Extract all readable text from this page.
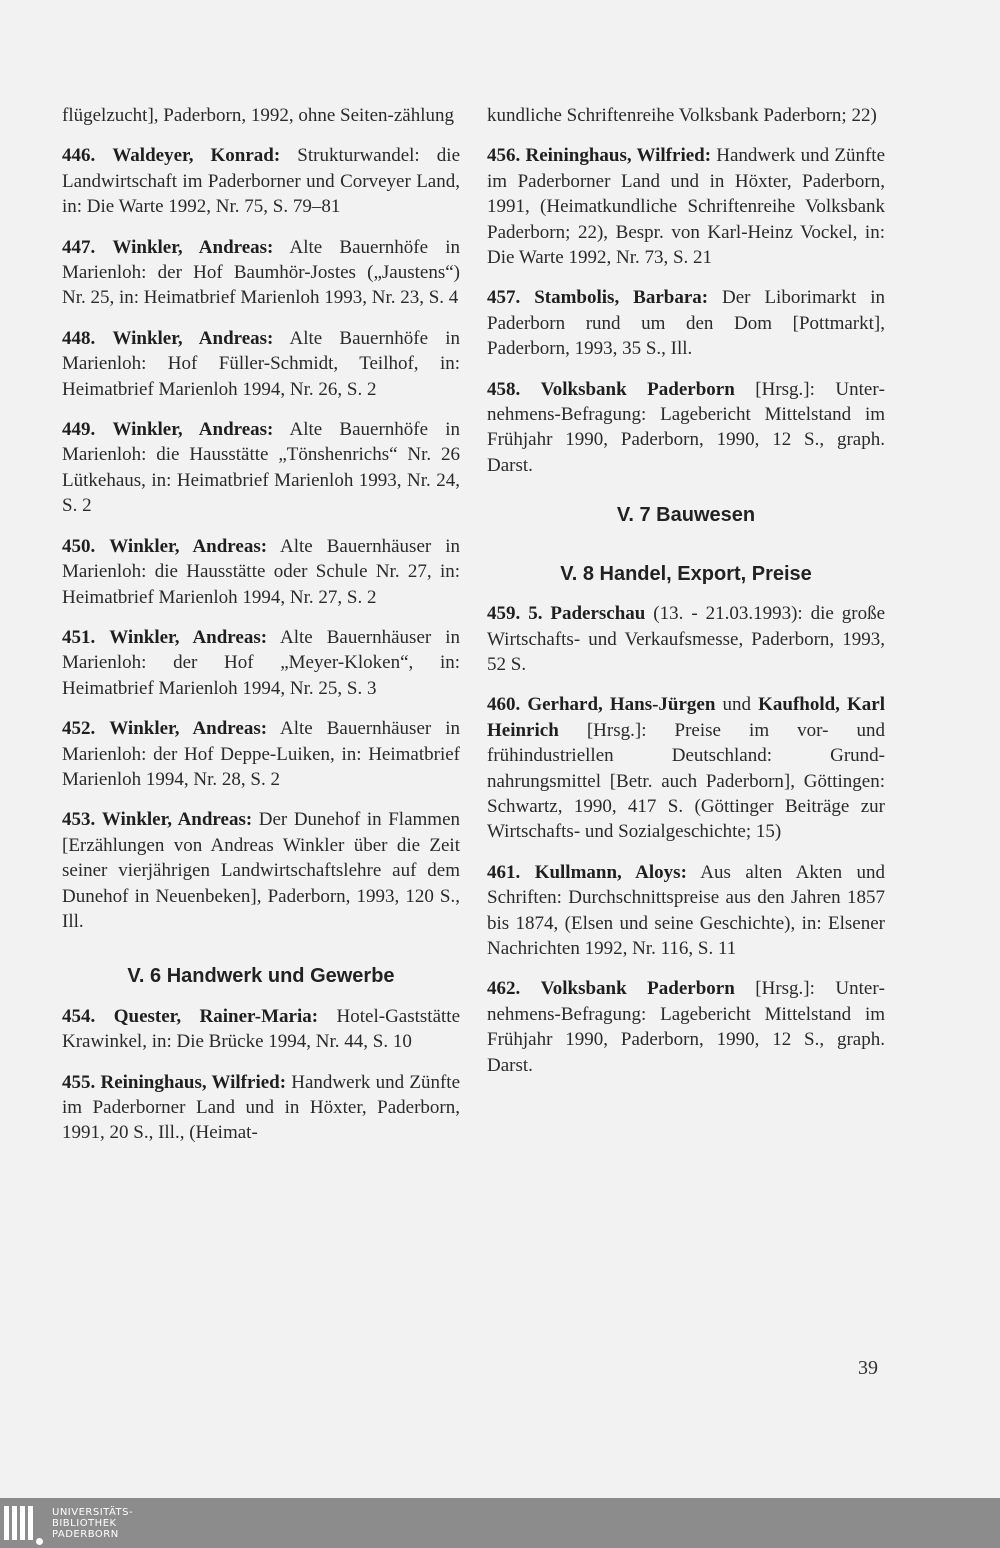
flügelzucht], Paderborn, 1992, ohne Seiten-zählung

446. Waldeyer, Konrad: Strukturwandel: die Landwirtschaft im Paderborner und Corveyer Land, in: Die Warte 1992, Nr. 75, S. 79–81

447. Winkler, Andreas: Alte Bauernhöfe in Marienloh: der Hof Baumhör-Jostes („Jaustens“) Nr. 25, in: Heimatbrief Marienloh 1993, Nr. 23, S. 4

448. Winkler, Andreas: Alte Bauernhöfe in Marienloh: Hof Füller-Schmidt, Teilhof, in: Heimatbrief Marienloh 1994, Nr. 26, S. 2

449. Winkler, Andreas: Alte Bauernhöfe in Marienloh: die Hausstätte „Tönshenrichs“ Nr. 26 Lütkehaus, in: Heimatbrief Marienloh 1993, Nr. 24, S. 2

450. Winkler, Andreas: Alte Bauernhäuser in Marienloh: die Hausstätte oder Schule Nr. 27, in: Heimatbrief Marienloh 1994, Nr. 27, S. 2

451. Winkler, Andreas: Alte Bauernhäuser in Marienloh: der Hof „Meyer-Kloken“, in: Heimatbrief Marienloh 1994, Nr. 25, S. 3

452. Winkler, Andreas: Alte Bauernhäuser in Marienloh: der Hof Deppe-Luiken, in: Heimatbrief Marienloh 1994, Nr. 28, S. 2

453. Winkler, Andreas: Der Dunehof in Flammen [Erzählungen von Andreas Winkler über die Zeit seiner vierjährigen Landwirtschaftslehre auf dem Dunehof in Neuenbeken], Paderborn, 1993, 120 S., Ill.

V. 6 Handwerk und Gewerbe

454. Quester, Rainer-Maria: Hotel-Gaststätte Krawinkel, in: Die Brücke 1994, Nr. 44, S. 10

455. Reininghaus, Wilfried: Handwerk und Zünfte im Paderborner Land und in Höxter, Paderborn, 1991, 20 S., Ill., (Heimat-

kundliche Schriftenreihe Volksbank Paderborn; 22)

456. Reininghaus, Wilfried: Handwerk und Zünfte im Paderborner Land und in Höxter, Paderborn, 1991, (Heimatkundliche Schriftenreihe Volksbank Paderborn; 22), Bespr. von Karl-Heinz Vockel, in: Die Warte 1992, Nr. 73, S. 21

457. Stambolis, Barbara: Der Liborimarkt in Paderborn rund um den Dom [Pottmarkt], Paderborn, 1993, 35 S., Ill.

458. Volksbank Paderborn [Hrsg.]: Unternehmens-Befragung: Lagebericht Mittelstand im Frühjahr 1990, Paderborn, 1990, 12 S., graph. Darst.

V. 7 Bauwesen
V. 8 Handel, Export, Preise

459. 5. Paderschau (13. - 21.03.1993): die große Wirtschafts- und Verkaufsmesse, Paderborn, 1993, 52 S.

460. Gerhard, Hans-Jürgen und Kaufhold, Karl Heinrich [Hrsg.]: Preise im vor- und frühindustriellen Deutschland: Grundnahrungsmittel [Betr. auch Paderborn], Göttingen: Schwartz, 1990, 417 S. (Göttinger Beiträge zur Wirtschafts- und Sozialgeschichte; 15)

461. Kullmann, Aloys: Aus alten Akten und Schriften: Durchschnittspreise aus den Jahren 1857 bis 1874, (Elsen und seine Geschichte), in: Elsener Nachrichten 1992, Nr. 116, S. 11

462. Volksbank Paderborn [Hrsg.]: Unternehmens-Befragung: Lagebericht Mittelstand im Frühjahr 1990, Paderborn, 1990, 12 S., graph. Darst.

39
UNIVERSITÄTS-
BIBLIOTHEK
PADERBORN
